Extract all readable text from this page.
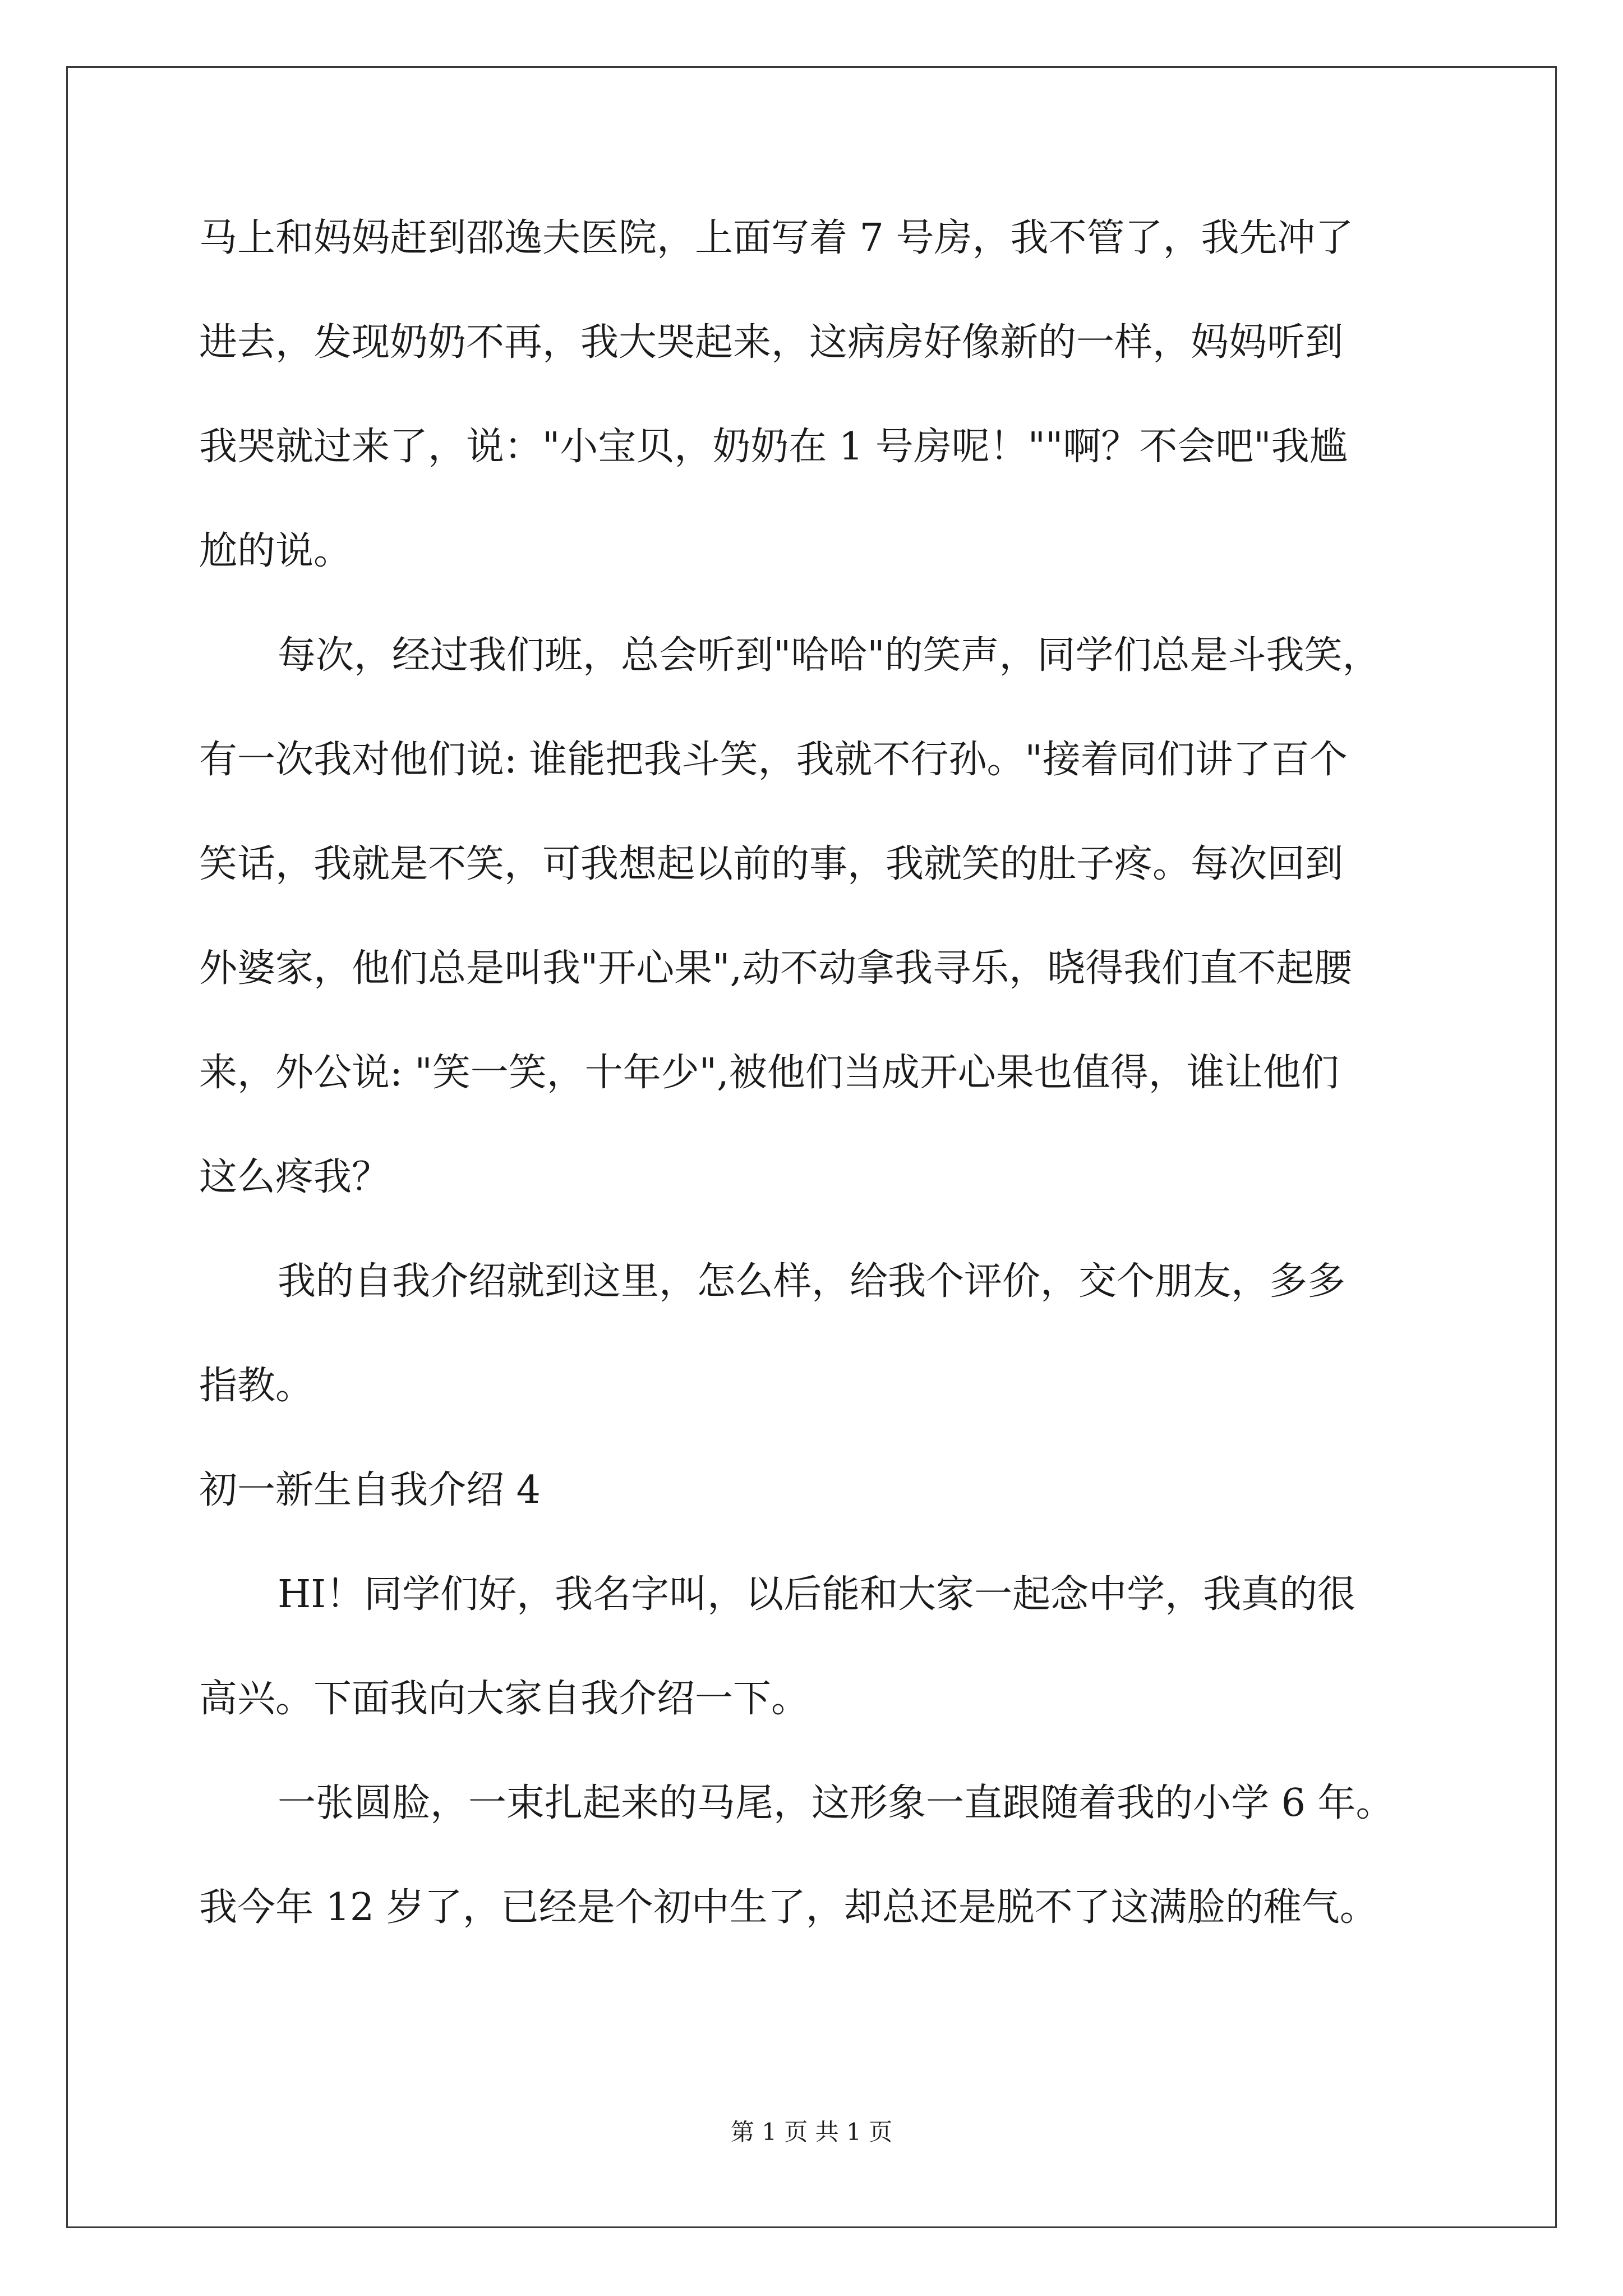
马上和妈妈赶到邵逸夫医院，上面写着 7 号房，我不管了，我先冲了
进去，发现奶奶不再，我大哭起来，这病房好像新的一样，妈妈听到
我哭就过来了，说："小宝贝，奶奶在 1 号房呢！""啊？不会吧"我尴
尬的说。
每次，经过我们班，总会听到"哈哈"的笑声，同学们总是斗我笑，
有一次我对他们说: 谁能把我斗笑，我就不行孙。"接着同们讲了百个
笑话，我就是不笑，可我想起以前的事，我就笑的肚子疼。每次回到
外婆家，他们总是叫我"开心果",动不动拿我寻乐，晓得我们直不起腰
来，外公说: "笑一笑，十年少",被他们当成开心果也值得，谁让他们
这么疼我？
我的自我介绍就到这里，怎么样，给我个评价，交个朋友，多多
指教。
初一新生自我介绍 4
HI！同学们好，我名字叫，以后能和大家一起念中学，我真的很
高兴。下面我向大家自我介绍一下。
一张圆脸，一束扎起来的马尾，这形象一直跟随着我的小学 6 年。
我今年 12 岁了，已经是个初中生了，却总还是脱不了这满脸的稚气。
第 1 页 共 1 页
